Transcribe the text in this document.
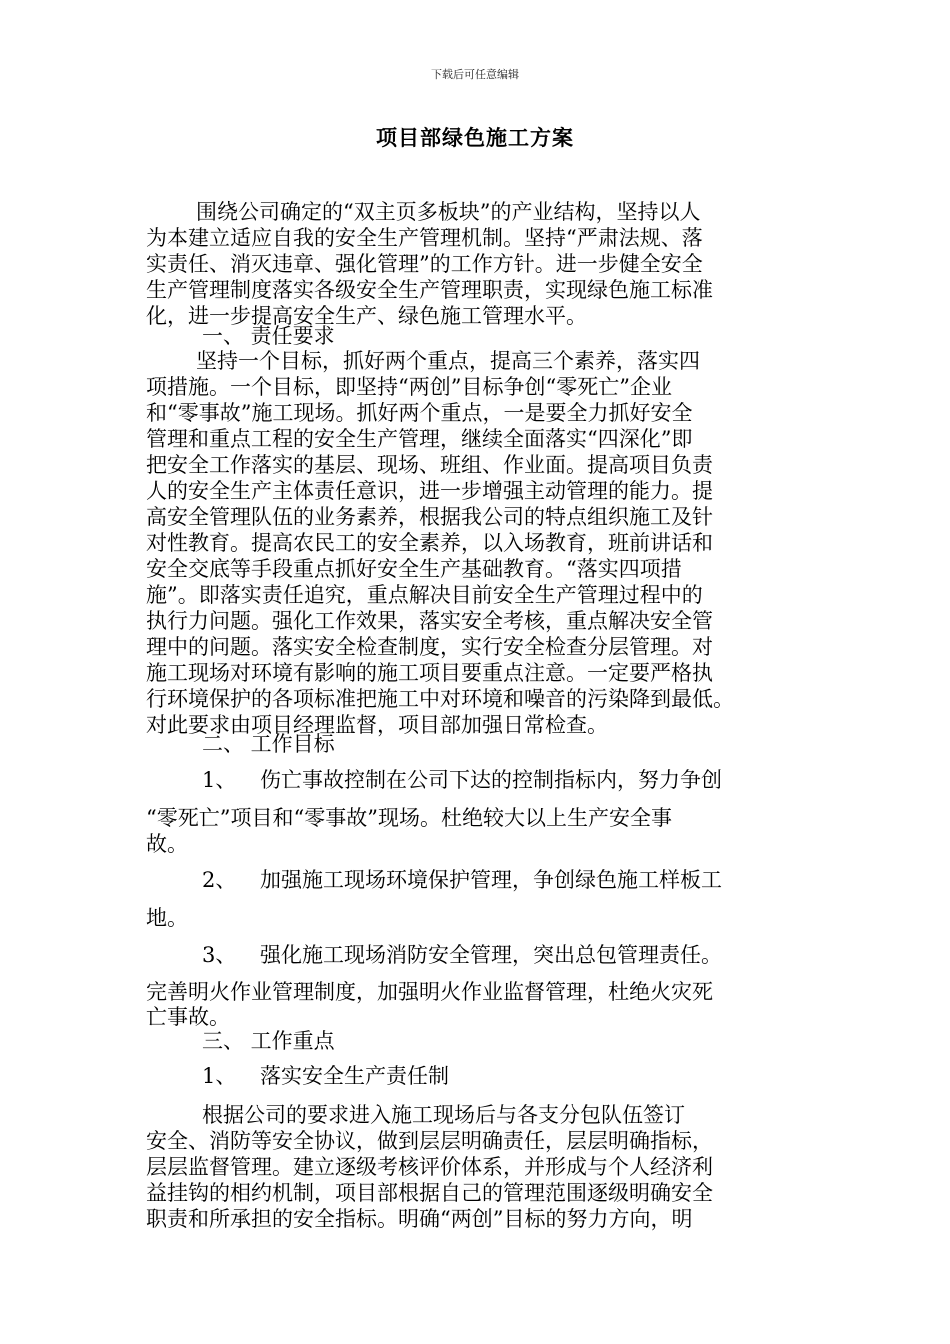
下载后可任意编辑
项目部绿色施工方案
围绕公司确定的“双主页多板块”的产业结构，坚持以人
为本建立适应自我的安全生产管理机制。坚持“严肃法规、落
实责任、消灭违章、强化管理”的工作方针。进一步健全安全
生产管理制度落实各级安全生产管理职责，实现绿色施工标准
化，进一步提高安全生产、绿色施工管理水平。
一、 责任要求
坚持一个目标，抓好两个重点，提高三个素养，落实四
项措施。一个目标，即坚持“两创”目标争创“零死亡”企业
和“零事故”施工现场。抓好两个重点，一是要全力抓好安全
管理和重点工程的安全生产管理，继续全面落实“四深化”即
把安全工作落实的基层、现场、班组、作业面。提高项目负责
人的安全生产主体责任意识，进一步增强主动管理的能力。提
高安全管理队伍的业务素养，根据我公司的特点组织施工及针
对性教育。提高农民工的安全素养，以入场教育，班前讲话和
安全交底等手段重点抓好安全生产基础教育。“落实四项措
施”。即落实责任追究，重点解决目前安全生产管理过程中的
执行力问题。强化工作效果，落实安全考核，重点解决安全管
理中的问题。落实安全检查制度，实行安全检查分层管理。对
施工现场对环境有影响的施工项目要重点注意。一定要严格执
行环境保护的各项标准把施工中对环境和噪音的污染降到最低。
对此要求由项目经理监督，项目部加强日常检查。
二、 工作目标
1、 伤亡事故控制在公司下达的控制指标内，努力争创
“零死亡”项目和“零事故”现场。杜绝较大以上生产安全事
故。
2、 加强施工现场环境保护管理，争创绿色施工样板工
地。
3、 强化施工现场消防安全管理，突出总包管理责任。
完善明火作业管理制度，加强明火作业监督管理，杜绝火灾死
亡事故。
三、 工作重点
1、 落实安全生产责任制
根据公司的要求进入施工现场后与各支分包队伍签订
安全、消防等安全协议，做到层层明确责任，层层明确指标，
层层监督管理。建立逐级考核评价体系，并形成与个人经济利
益挂钩的相约机制，项目部根据自己的管理范围逐级明确安全
职责和所承担的安全指标。明确“两创”目标的努力方向，明
